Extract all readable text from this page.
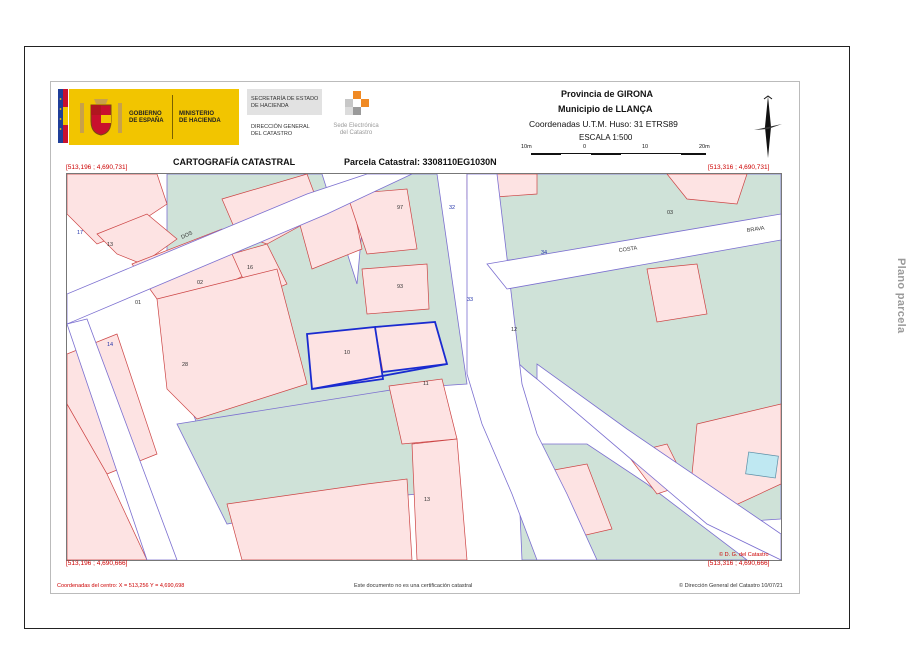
Plano parcela
GOBIERNO
DE ESPAÑA
MINISTERIO
DE HACIENDA
SECRETARÍA DE ESTADO
DE HACIENDA
DIRECCIÓN GENERAL
DEL CATASTRO
Sede Electrónica
del Catastro
Provincia de GIRONA
Municipio de LLANÇA
Coordenadas U.T.M. Huso: 31 ETRS89
ESCALA 1:500
10m	0	10	20m
CARTOGRAFÍA CATASTRAL	Parcela Catastral: 3308110EG1030N
[513,196 ; 4,690,731]	[513,316 ; 4,690,731]
13
16
97
93
02
01
28
10
12
11
13
03
14
32
33
34
17	DOS
COSTA
BRAVA
© D. G. del Catastro
[513,196 ; 4,690,666]	[513,316 ; 4,690,666]
Coordenadas del centro: X = 513,256 Y = 4,690,698	Este documento no es una certificación catastral	© Dirección General del Catastro 10/07/21
